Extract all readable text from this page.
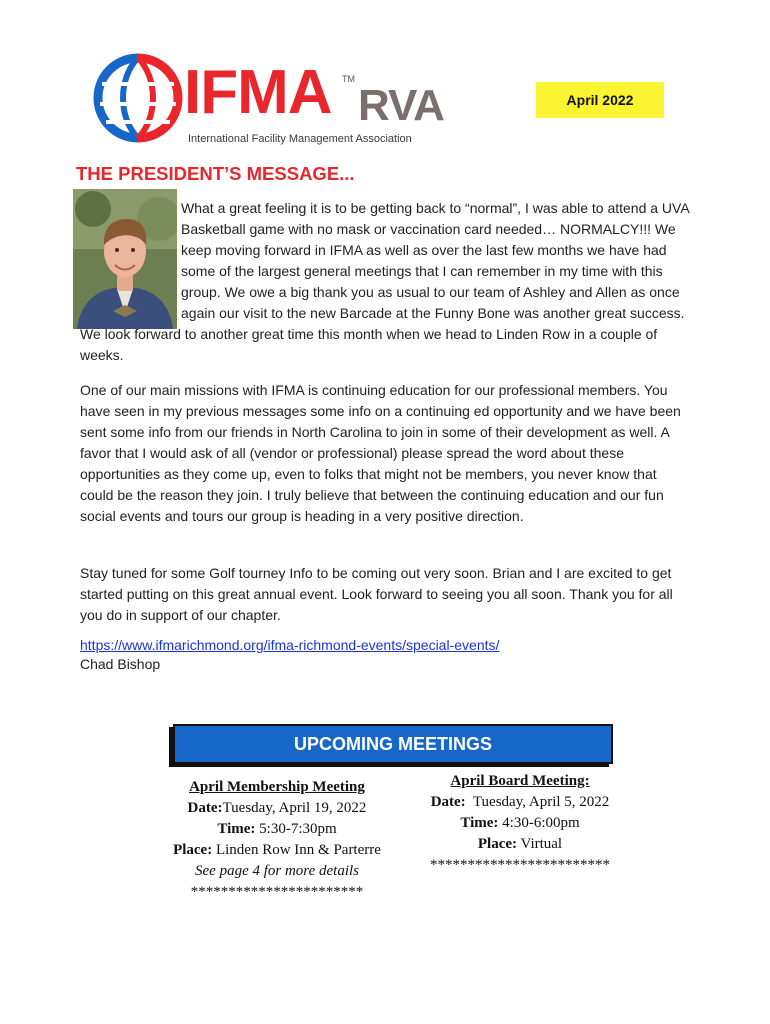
IFMA TM
RVA
International Facility Management Association
April 2022
THE PRESIDENT’S MESSAGE...
What a great feeling it is to be getting back to “normal”, I was able to attend a UVA Basketball game with no mask or vaccination card needed… NORMALCY!!! We keep moving forward in IFMA as well as over the last few months we have had some of the largest general meetings that I can remember in my time with this group. We owe a big thank you as usual to our team of Ashley and Allen as once again our visit to the new Barcade at the Funny Bone was another great success. We look forward to another great time this month when we head to Linden Row in a couple of weeks.
One of our main missions with IFMA is continuing education for our professional members. You have seen in my previous messages some info on a continuing ed opportunity and we have been sent some info from our friends in North Carolina to join in some of their development as well. A favor that I would ask of all (vendor or professional) please spread the word about these opportunities as they come up, even to folks that might not be members, you never know that could be the reason they join. I truly believe that between the continuing education and our fun social events and tours our group is heading in a very positive direction.
Stay tuned for some Golf tourney Info to be coming out very soon. Brian and I are excited to get started putting on this great annual event. Look forward to seeing you all soon. Thank you for all you do in support of our chapter.
https://www.ifmarichmond.org/ifma-richmond-events/special-events/
Chad Bishop
UPCOMING MEETINGS
April Membership Meeting
Date:Tuesday, April 19, 2022
Time: 5:30-7:30pm
Place: Linden Row Inn & Parterre
See page 4 for more details
***********************
April Board Meeting:
Date: Tuesday, April 5, 2022
Time: 4:30-6:00pm
Place: Virtual
************************
